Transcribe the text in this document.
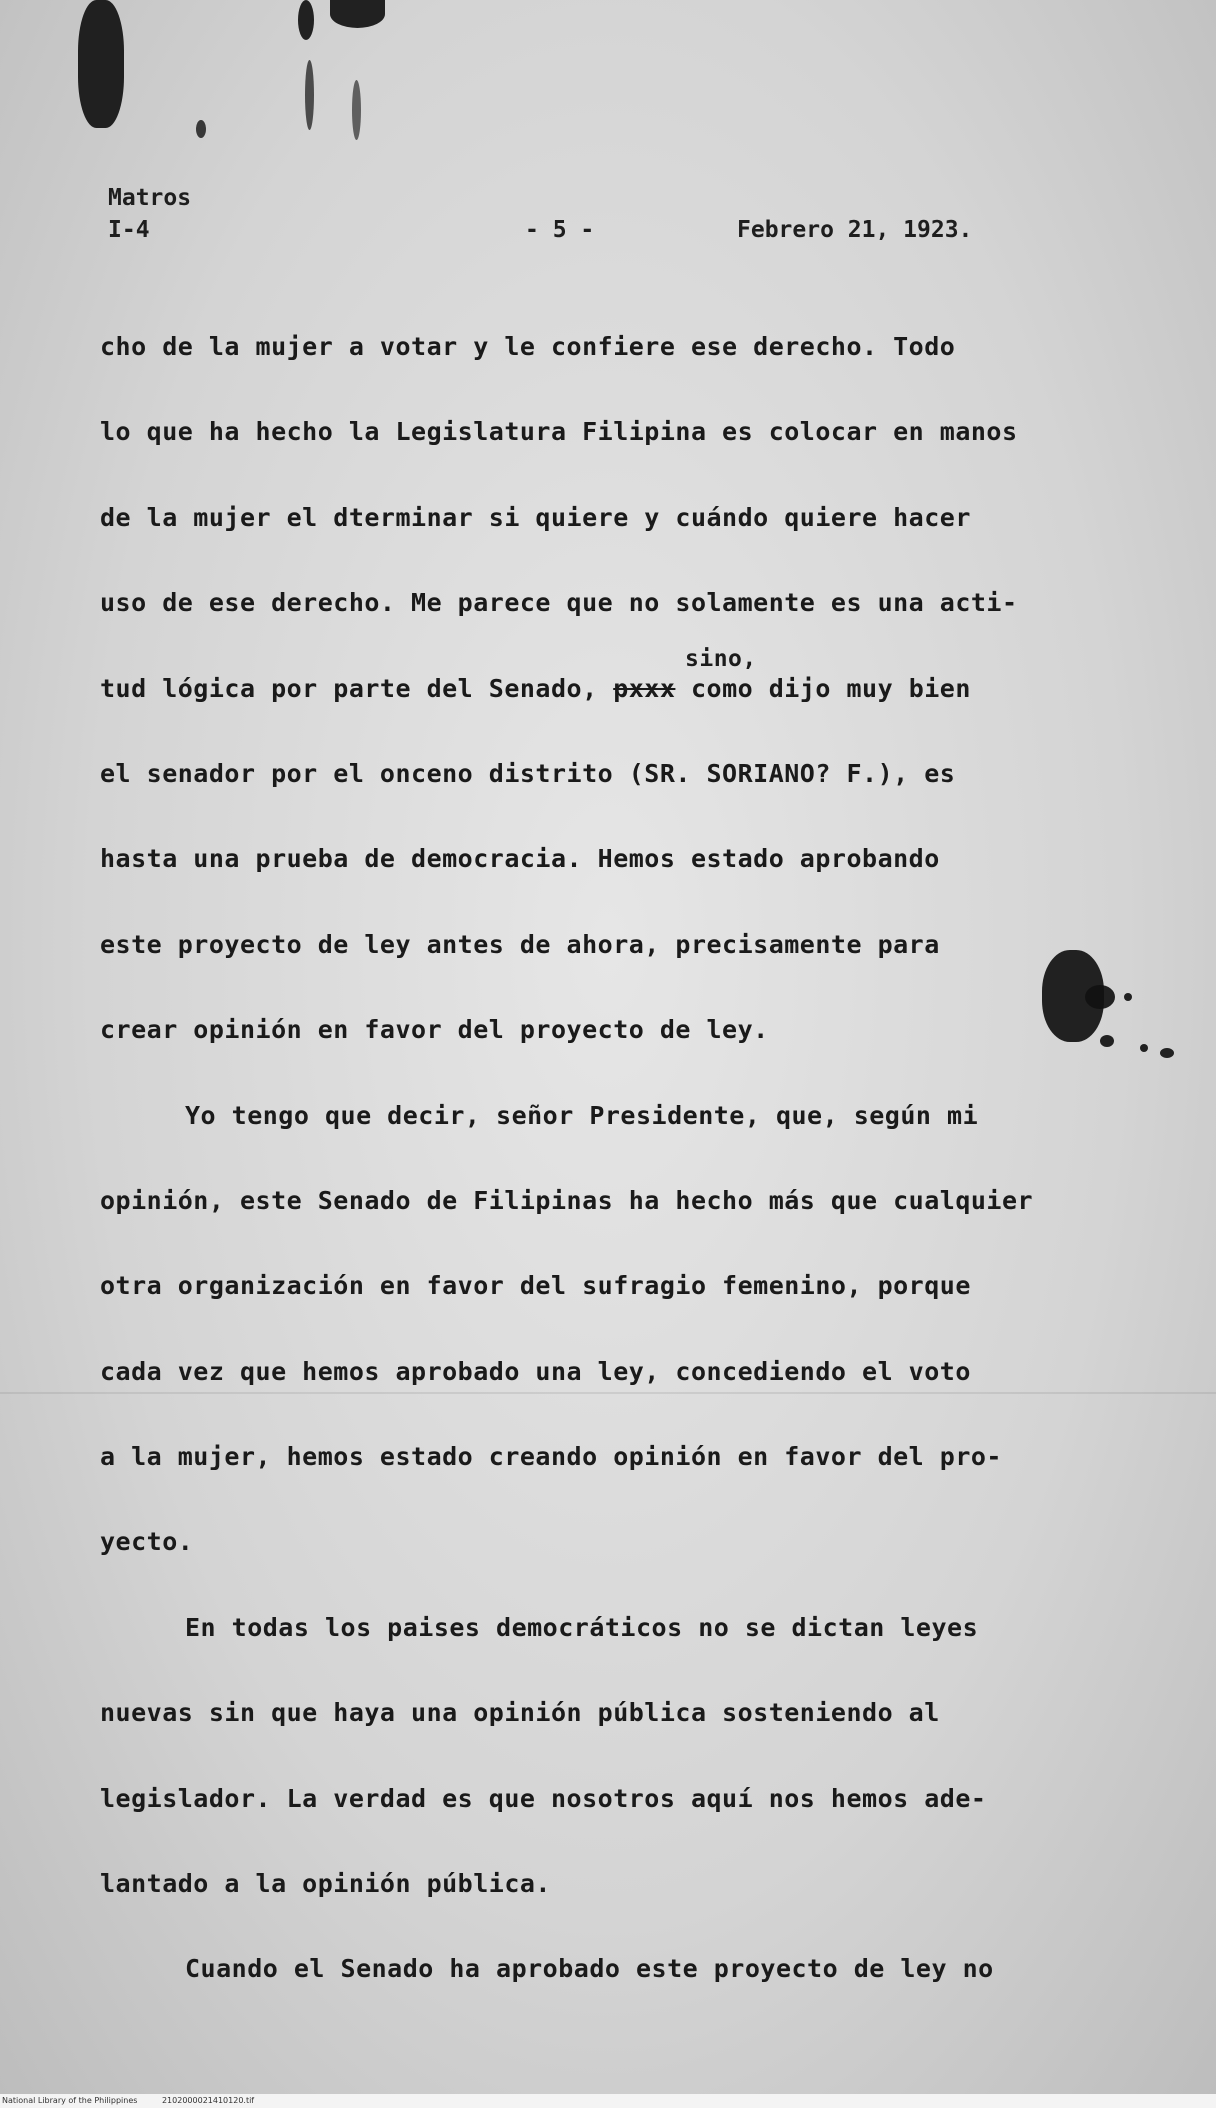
Matros
I-4	- 5 -	Febrero 21, 1923.
cho de la mujer a votar y le confiere ese derecho. Todo
lo que ha hecho la Legislatura Filipina es colocar en manos
de la mujer el dterminar si quiere y cuándo quiere hacer
uso de ese derecho. Me parece que no solamente es una acti-
sino,
tud lógica por parte del Senado, pxxx como dijo muy bien
el senador por el onceno distrito (SR. SORIANO? F.), es
hasta una prueba de democracia. Hemos estado aprobando
este proyecto de ley antes de ahora, precisamente para
crear opinión en favor del proyecto de ley.
Yo tengo que decir, señor Presidente, que, según mi
opinión, este Senado de Filipinas ha hecho más que cualquier
otra organización en favor del sufragio femenino, porque
cada vez que hemos aprobado una ley, concediendo el voto
a la mujer, hemos estado creando opinión en favor del pro-
yecto.
En todas los paises democráticos no se dictan leyes
nuevas sin que haya una opinión pública sosteniendo al
legislador. La verdad es que nosotros aquí nos hemos ade-
lantado a la opinión pública.
Cuando el Senado ha aprobado este proyecto de ley no
National Library of the Philippines	2102000021410120.tif
